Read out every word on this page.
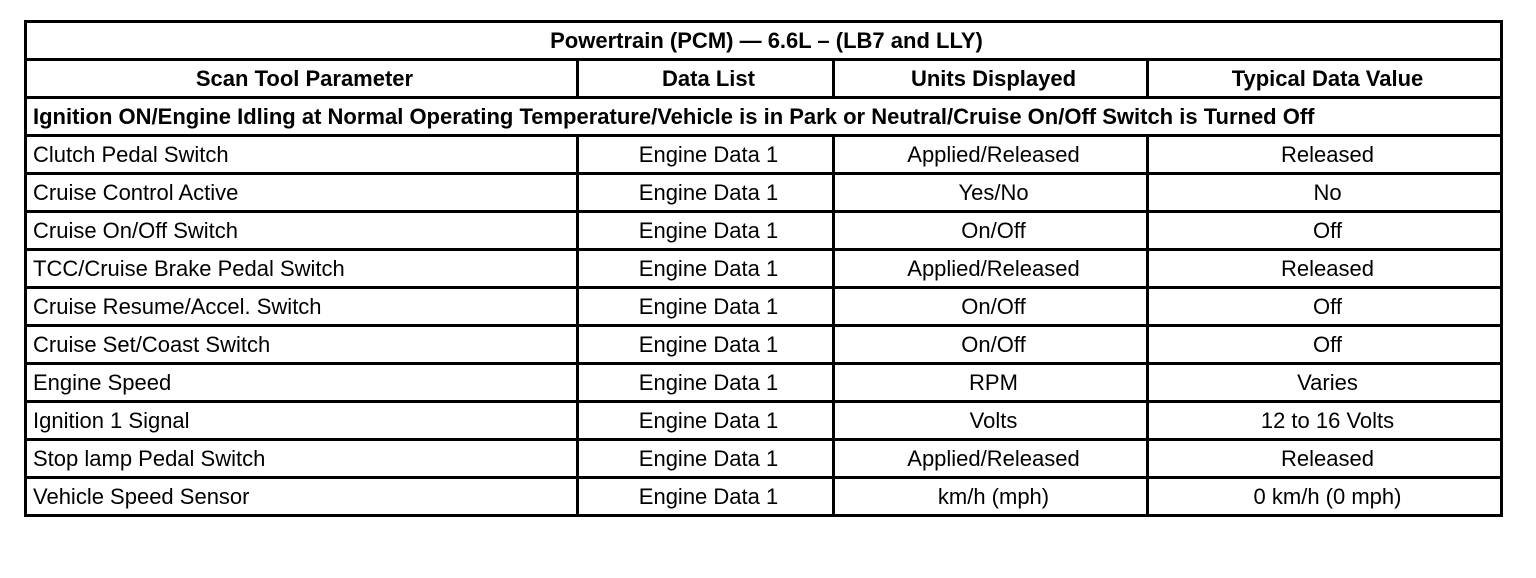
Powertrain (PCM) — 6.6L – (LB7 and LLY)			
Scan Tool Parameter	Data List	Units Displayed	Typical Data Value
Ignition ON/Engine Idling at Normal Operating Temperature/Vehicle is in Park or Neutral/Cruise On/Off Switch is Turned Off			
Clutch Pedal Switch	Engine Data 1	Applied/Released	Released
Cruise Control Active	Engine Data 1	Yes/No	No
Cruise On/Off Switch	Engine Data 1	On/Off	Off
TCC/Cruise Brake Pedal Switch	Engine Data 1	Applied/Released	Released
Cruise Resume/Accel. Switch	Engine Data 1	On/Off	Off
Cruise Set/Coast Switch	Engine Data 1	On/Off	Off
Engine Speed	Engine Data 1	RPM	Varies
Ignition 1 Signal	Engine Data 1	Volts	12 to 16 Volts
Stop lamp Pedal Switch	Engine Data 1	Applied/Released	Released
Vehicle Speed Sensor	Engine Data 1	km/h (mph)	0 km/h (0 mph)
